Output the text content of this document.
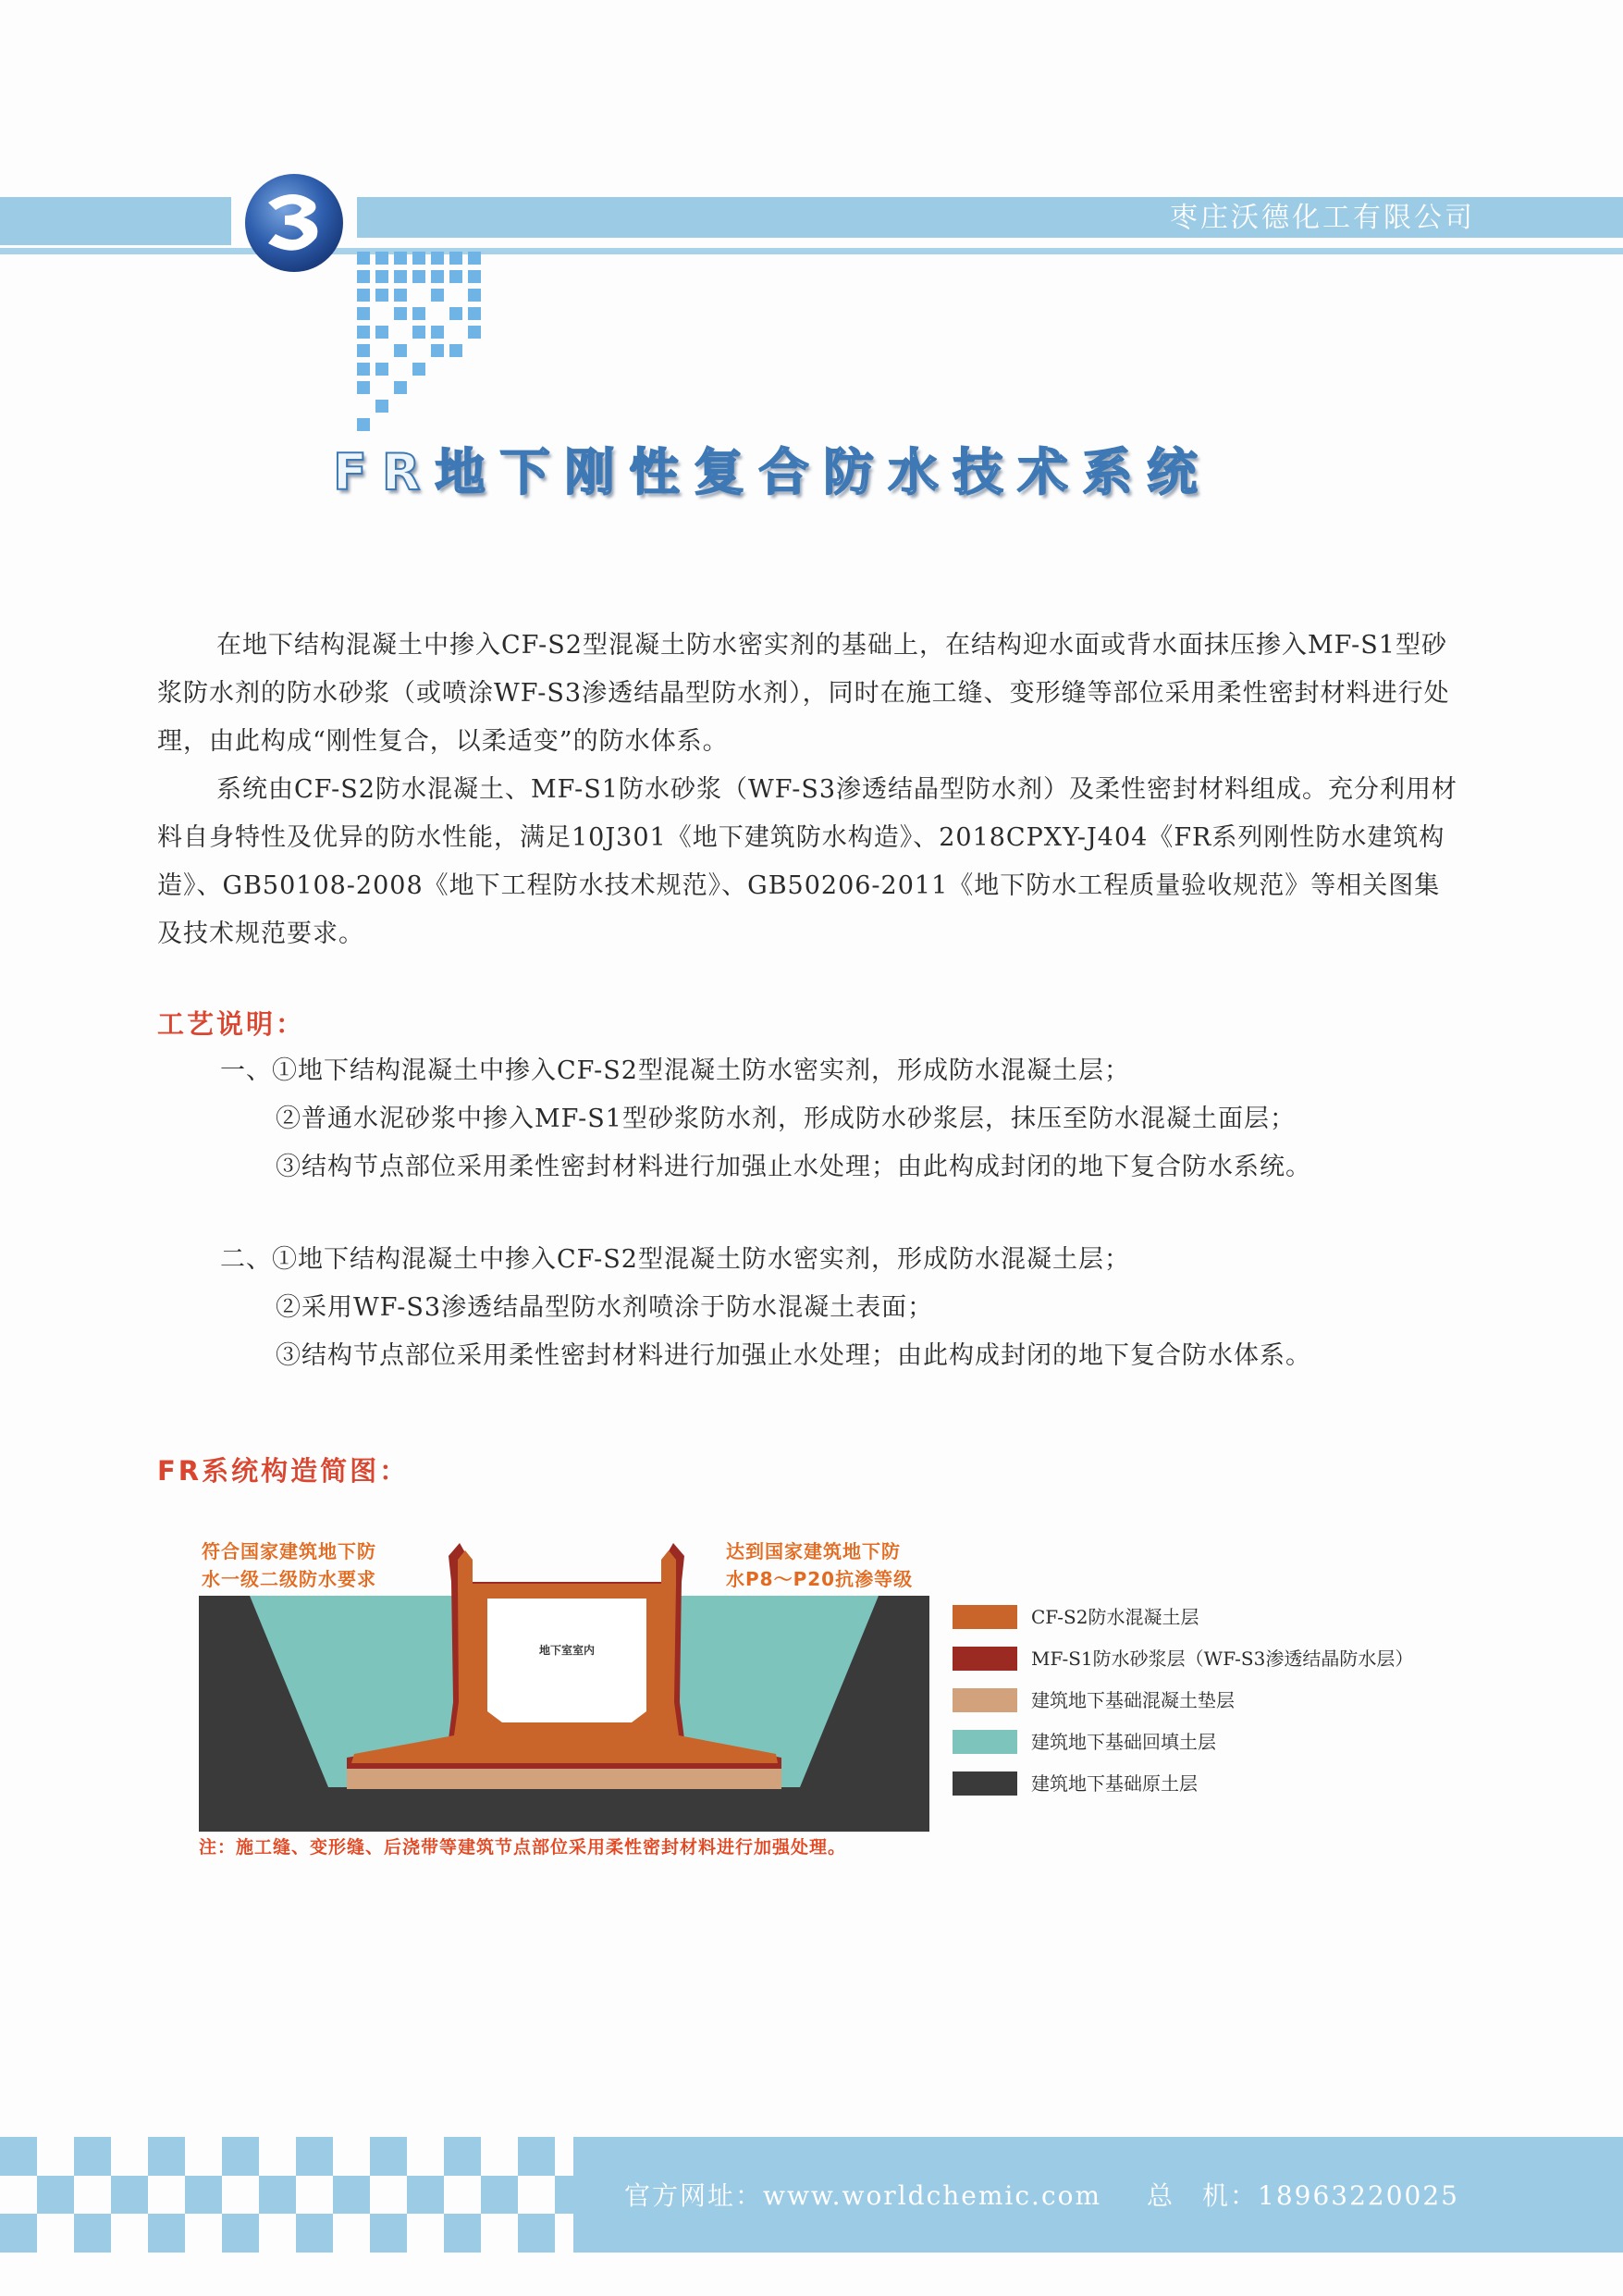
枣庄沃德化工有限公司
FR地下刚性复合防水技术系统
在地下结构混凝土中掺入CF-S2型混凝土防水密实剂的基础上，在结构迎水面或背水面抹压掺入MF-S1型砂浆防水剂的防水砂浆（或喷涂WF-S3渗透结晶型防水剂），同时在施工缝、变形缝等部位采用柔性密封材料进行处理，由此构成“刚性复合，以柔适变”的防水体系。
系统由CF-S2防水混凝土、MF-S1防水砂浆（WF-S3渗透结晶型防水剂）及柔性密封材料组成。充分利用材料自身特性及优异的防水性能，满足10J301《地下建筑防水构造》、2018CPXY-J404《FR系列刚性防水建筑构造》、GB50108-2008《地下工程防水技术规范》、GB50206-2011《地下防水工程质量验收规范》等相关图集及技术规范要求。
工艺说明：
一、①地下结构混凝土中掺入CF-S2型混凝土防水密实剂，形成防水混凝土层；
②普通水泥砂浆中掺入MF-S1型砂浆防水剂，形成防水砂浆层，抹压至防水混凝土面层；
③结构节点部位采用柔性密封材料进行加强止水处理；由此构成封闭的地下复合防水系统。
二、①地下结构混凝土中掺入CF-S2型混凝土防水密实剂，形成防水混凝土层；
②采用WF-S3渗透结晶型防水剂喷涂于防水混凝土表面；
③结构节点部位采用柔性密封材料进行加强止水处理；由此构成封闭的地下复合防水体系。
FR系统构造简图：
符合国家建筑地下防
水一级二级防水要求
达到国家建筑地下防
水P8～P20抗渗等级
地下室室内
注：施工缝、变形缝、后浇带等建筑节点部位采用柔性密封材料进行加强处理。
CF-S2防水混凝土层
MF-S1防水砂浆层（WF-S3渗透结晶防水层）
建筑地下基础混凝土垫层
建筑地下基础回填土层
建筑地下基础原土层
官方网址：www.worldchemic.com 总　机：18963220025
